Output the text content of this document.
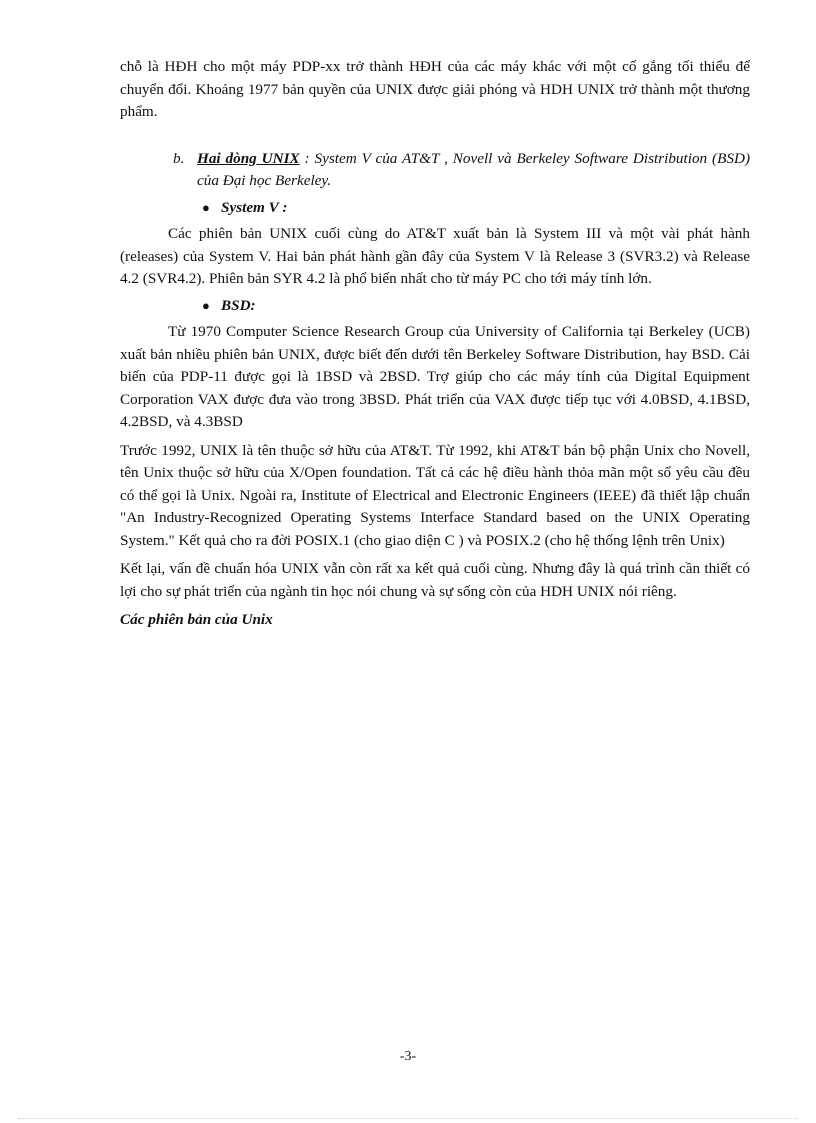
chỗ là HĐH cho một máy PDP-xx trở thành HĐH của các máy khác với một cố gắng tối thiểu để chuyển đổi. Khoảng 1977 bản quyền của UNIX được giải phóng và HDH UNIX trở thành một thương phẩm.

b. Hai dòng UNIX : System V của AT&T , Novell và Berkeley Software Distribution (BSD) của Đại học Berkeley.
● System V :

Các phiên bản UNIX cuối cùng do AT&T xuất bản là System III và một vài phát hành (releases) của System V. Hai bản phát hành gần đây của System V là Release 3 (SVR3.2) và Release 4.2 (SVR4.2). Phiên bản SYR 4.2 là phổ biến nhất cho từ máy PC cho tới máy tính lớn.

● BSD:

Từ 1970 Computer Science Research Group của University of California tại Berkeley (UCB) xuất bản nhiều phiên bản UNIX, được biết đến dưới tên Berkeley Software Distribution, hay BSD. Cải biến của PDP-11 được gọi là 1BSD và 2BSD. Trợ giúp cho các máy tính của Digital Equipment Corporation VAX được đưa vào trong 3BSD. Phát triển của VAX được tiếp tục với 4.0BSD, 4.1BSD, 4.2BSD, và 4.3BSD

Trước 1992, UNIX là tên thuộc sở hữu của AT&T. Từ 1992, khi AT&T bán bộ phận Unix cho Novell, tên Unix thuộc sở hữu của X/Open foundation. Tất cả các hệ điều hành thỏa mãn một số yêu cầu đều có thể gọi là Unix. Ngoài ra, Institute of Electrical and Electronic Engineers (IEEE) đã thiết lập chuẩn "An Industry-Recognized Operating Systems Interface Standard based on the UNIX Operating System." Kết quả cho ra đời POSIX.1 (cho giao diện C ) và POSIX.2 (cho hệ thống lệnh trên Unix)

Kết lại, vấn đề chuẩn hóa UNIX vẫn còn rất xa kết quả cuối cùng. Nhưng đây là quá trình cần thiết có lợi cho sự phát triển của ngành tin học nói chung và sự sống còn của HDH UNIX nói riêng.

Các phiên bản của Unix

-3-
